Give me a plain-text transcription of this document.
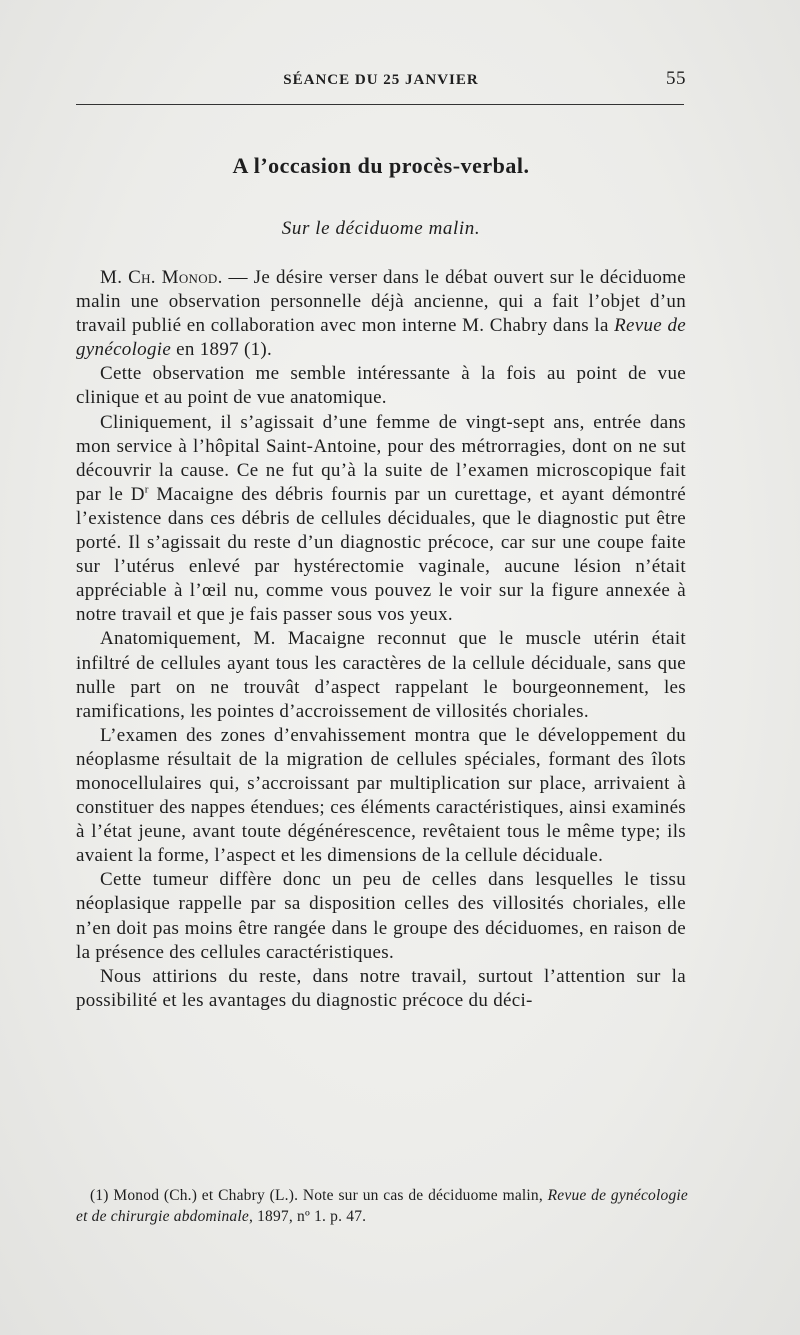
SÉANCE DU 25 JANVIER	55
A l’occasion du procès-verbal.
Sur le déciduome malin.

M. Ch. Monod. — Je désire verser dans le débat ouvert sur le déciduome malin une observation personnelle déjà ancienne, qui a fait l’objet d’un travail publié en collaboration avec mon interne M. Chabry dans la Revue de gynécologie en 1897 (1).

Cette observation me semble intéressante à la fois au point de vue clinique et au point de vue anatomique.

Cliniquement, il s’agissait d’une femme de vingt-sept ans, entrée dans mon service à l’hôpital Saint-Antoine, pour des métrorragies, dont on ne sut découvrir la cause. Ce ne fut qu’à la suite de l’examen microscopique fait par le $D^r$ Macaigne des débris fournis par un curettage, et ayant démontré l’existence dans ces débris de cellules déciduales, que le diagnostic put être porté. Il s’agissait du reste d’un diagnostic précoce, car sur une coupe faite sur l’utérus enlevé par hystérectomie vaginale, aucune lésion n’était appréciable à l’œil nu, comme vous pouvez le voir sur la figure annexée à notre travail et que je fais passer sous vos yeux.

Anatomiquement, M. Macaigne reconnut que le muscle utérin était infiltré de cellules ayant tous les caractères de la cellule déciduale, sans que nulle part on ne trouvât d’aspect rappelant le bourgeonnement, les ramifications, les pointes d’accroissement de villosités choriales.

L’examen des zones d’envahissement montra que le développement du néoplasme résultait de la migration de cellules spéciales, formant des îlots monocellulaires qui, s’accroissant par multiplication sur place, arrivaient à constituer des nappes étendues; ces éléments caractéristiques, ainsi examinés à l’état jeune, avant toute dégénérescence, revêtaient tous le même type; ils avaient la forme, l’aspect et les dimensions de la cellule déciduale.

Cette tumeur diffère donc un peu de celles dans lesquelles le tissu néoplasique rappelle par sa disposition celles des villosités choriales, elle n’en doit pas moins être rangée dans le groupe des déciduomes, en raison de la présence des cellules caractéristiques.

Nous attirions du reste, dans notre travail, surtout l’attention sur la possibilité et les avantages du diagnostic précoce du déci-

(1) Monod (Ch.) et Chabry (L.). Note sur un cas de déciduome malin, Revue de gynécologie et de chirurgie abdominale, 1897, nº 1. p. 47.
